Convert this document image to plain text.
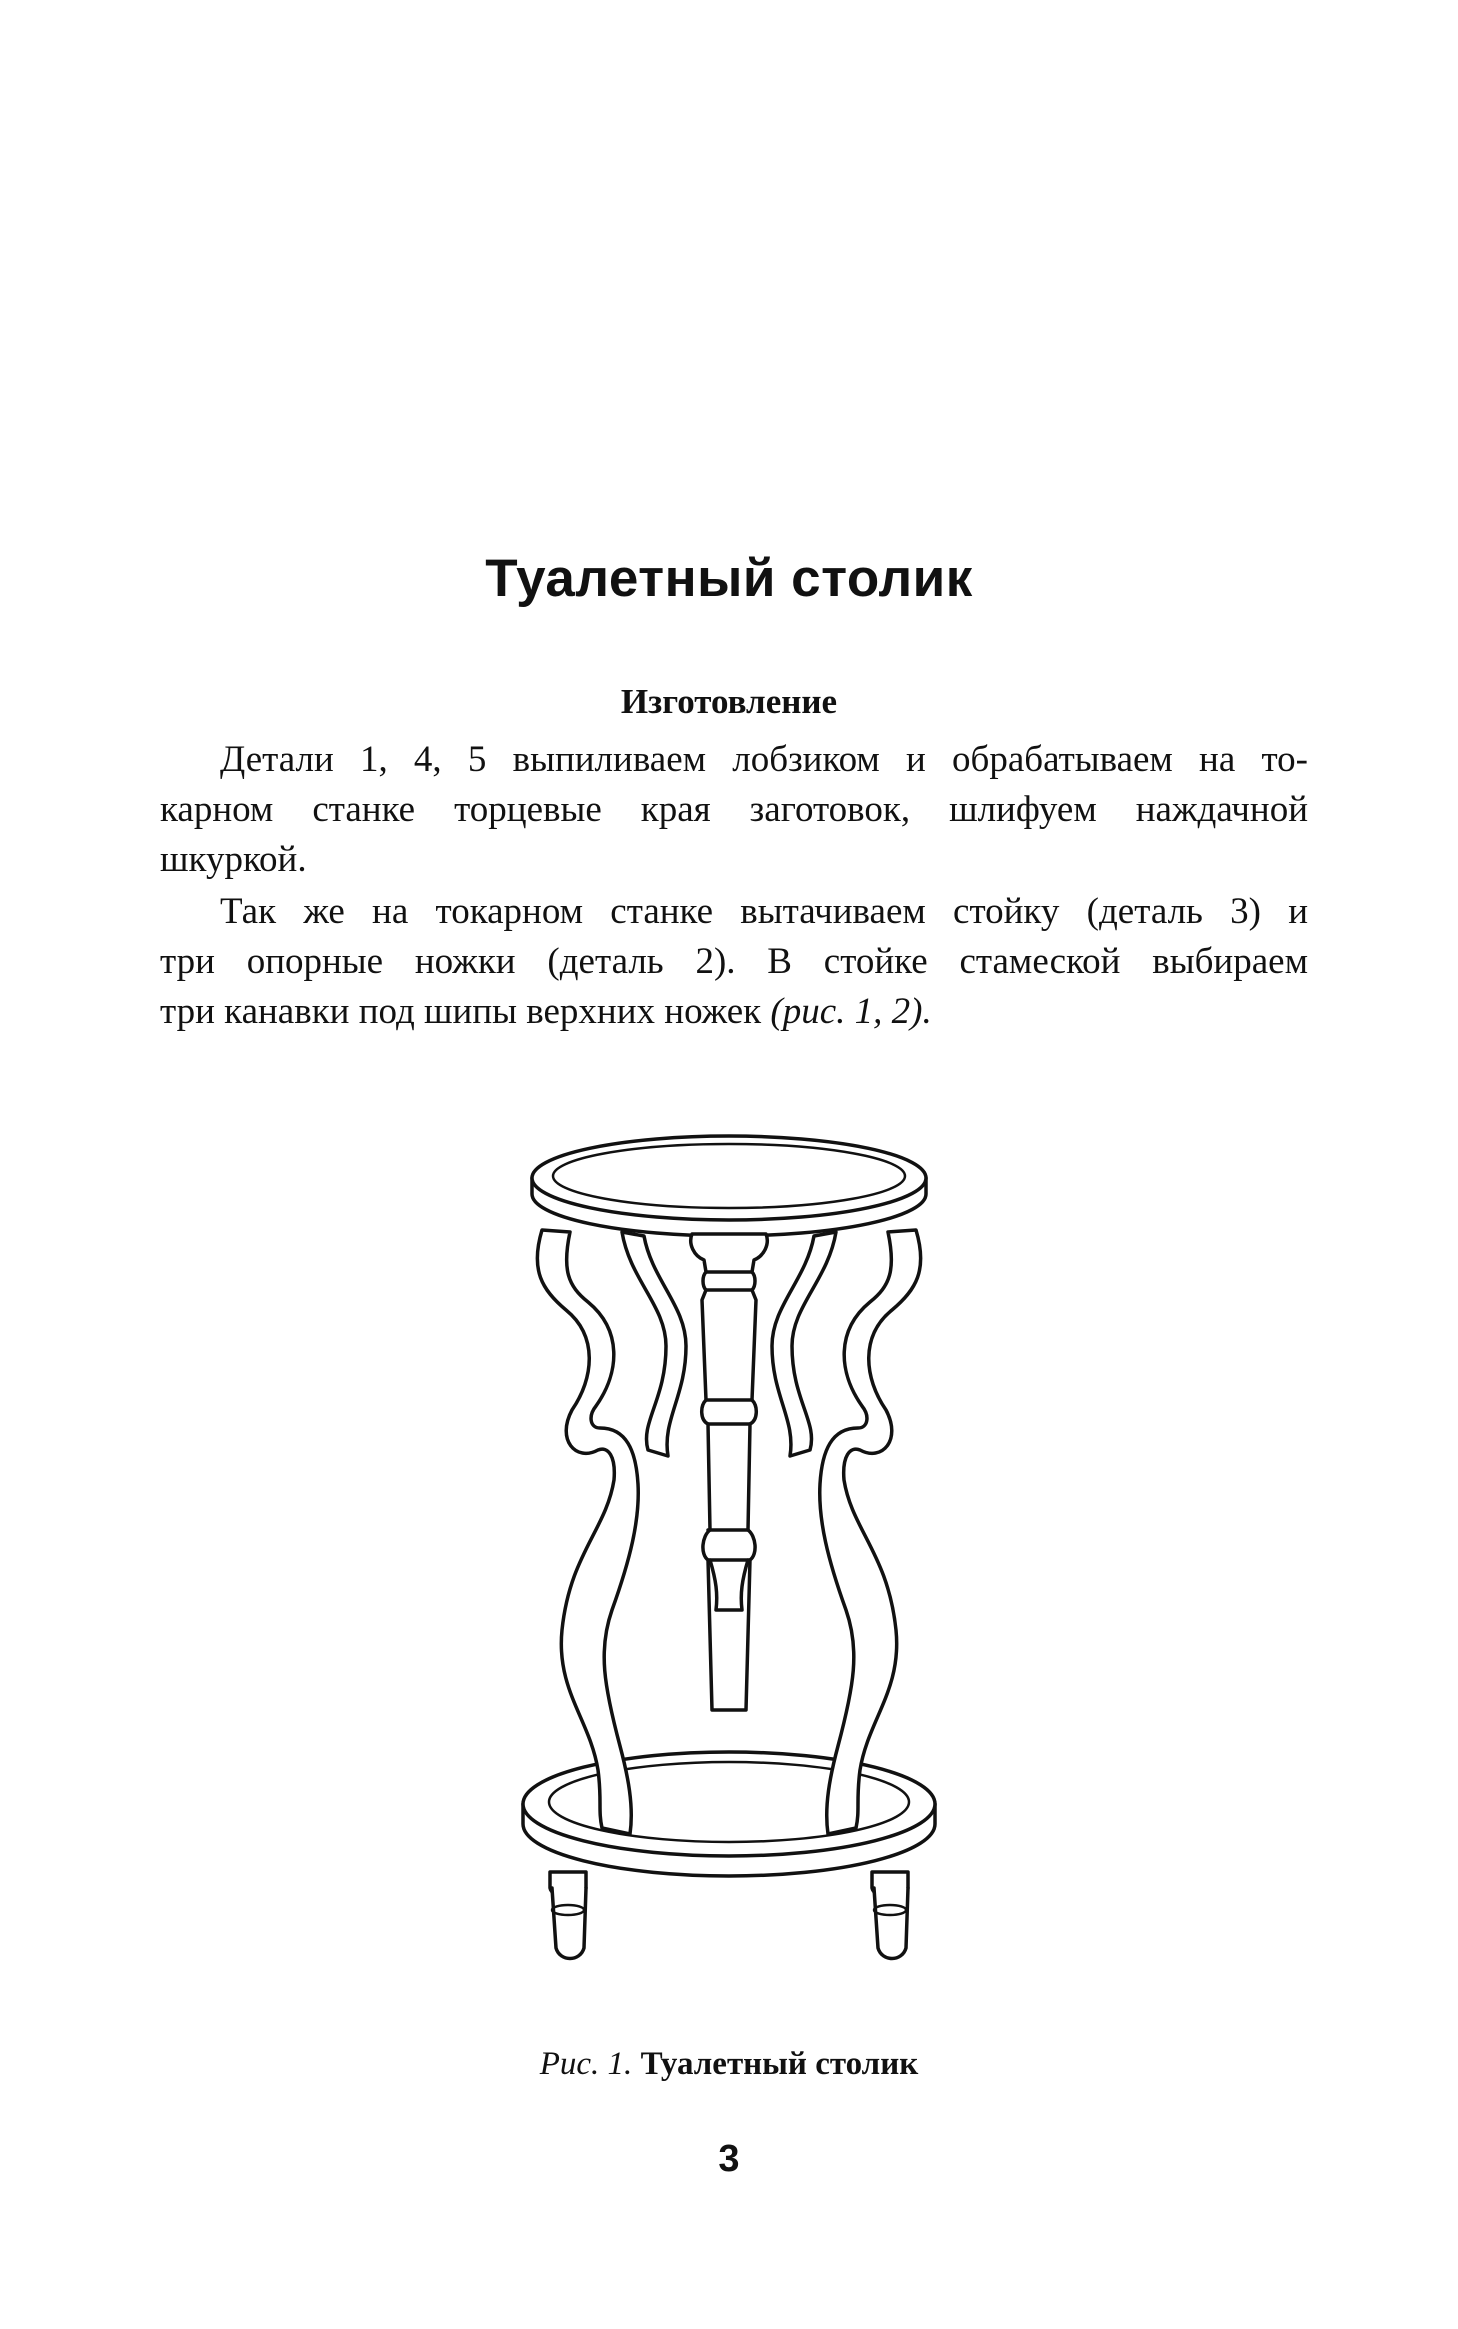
Туалетный столик
Изготовление
Детали 1, 4, 5 выпиливаем лобзиком и обрабатываем на то-
карном станке торцевые края заготовок, шлифуем наждачной
шкуркой.
Так же на токарном станке вытачиваем стойку (деталь 3) и
три опорные ножки (деталь 2). В стойке стамеской выбираем
три канавки под шипы верхних ножек (рис. 1, 2).
Рис. 1. Туалетный столик
3
